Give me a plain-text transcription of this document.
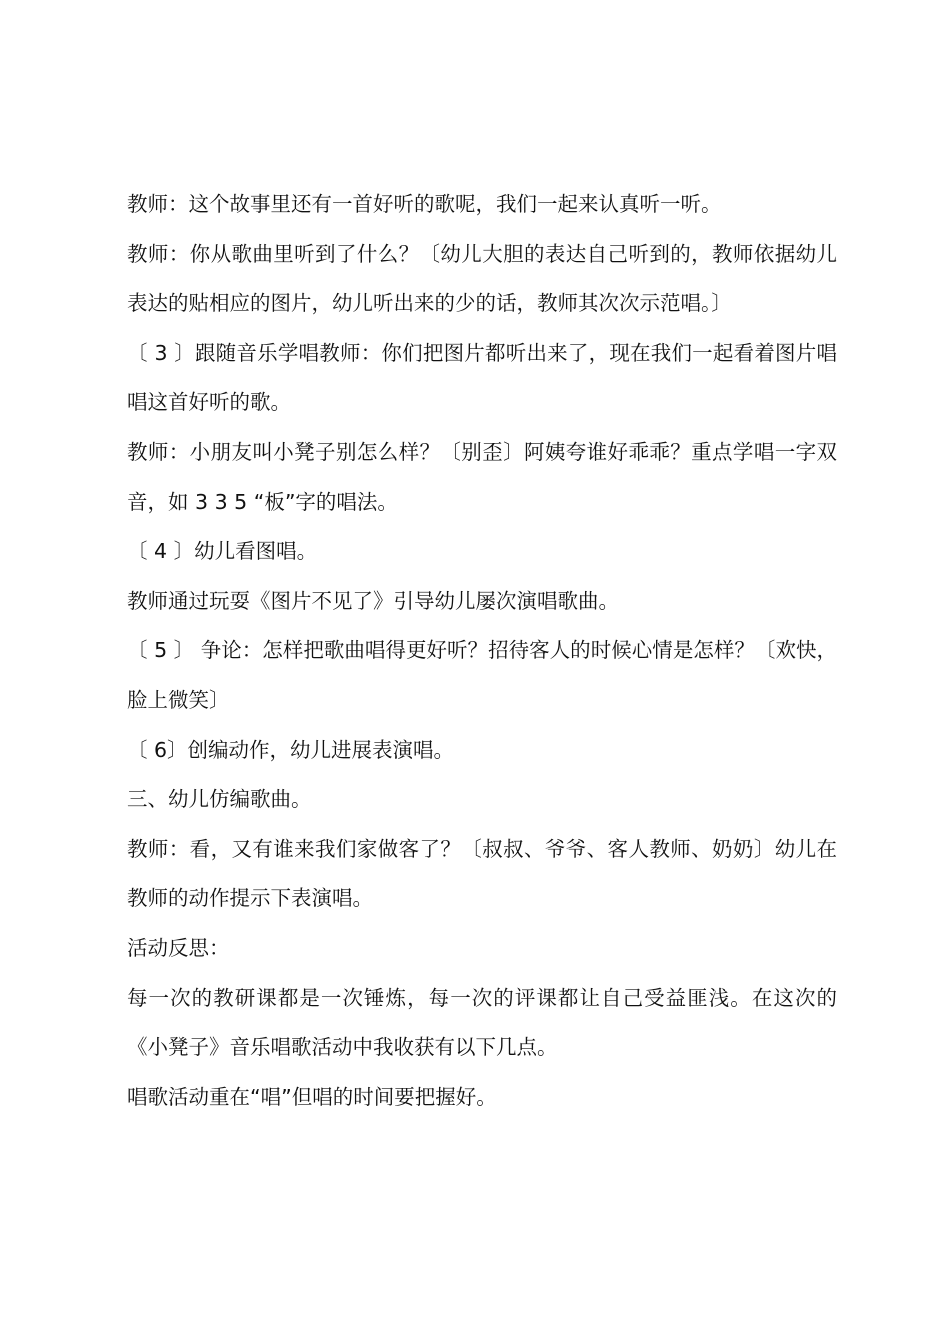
教师：这个故事里还有一首好听的歌呢，我们一起来认真听一听。

教师：你从歌曲里听到了什么？〔幼儿大胆的表达自己听到的，教师依据幼儿表达的贴相应的图片，幼儿听出来的少的话，教师其次次示范唱。〕

〔 3 〕跟随音乐学唱教师：你们把图片都听出来了，现在我们一起看着图片唱唱这首好听的歌。

教师：小朋友叫小凳子别怎么样？〔别歪〕阿姨夸谁好乖乖？重点学唱一字双音，如 3 3 5 “板”字的唱法。

〔 4 〕幼儿看图唱。

教师通过玩耍《图片不见了》引导幼儿屡次演唱歌曲。

〔 5 〕 争论：怎样把歌曲唱得更好听？招待客人的时候心情是怎样？〔欢快，脸上微笑〕

〔 6〕创编动作，幼儿进展表演唱。

三、幼儿仿编歌曲。

教师：看，又有谁来我们家做客了？〔叔叔、爷爷、客人教师、奶奶〕幼儿在教师的动作提示下表演唱。

活动反思：

每一次的教研课都是一次锤炼，每一次的评课都让自己受益匪浅。在这次的《小凳子》音乐唱歌活动中我收获有以下几点。

唱歌活动重在“唱”但唱的时间要把握好。
